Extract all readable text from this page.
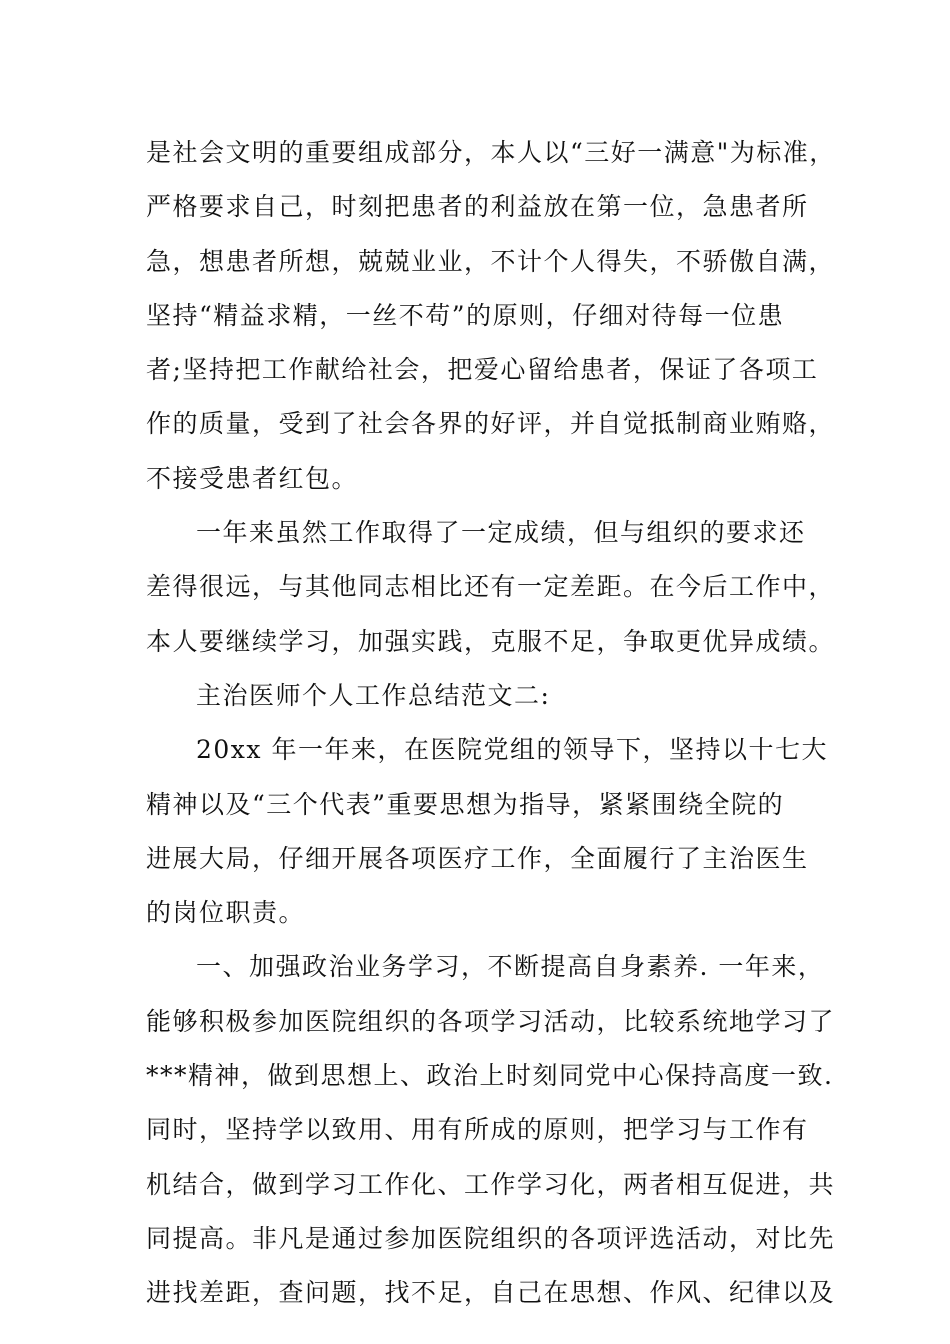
是社会文明的重要组成部分，本人以“三好一满意"为标准，
严格要求自己，时刻把患者的利益放在第一位，急患者所
急，想患者所想，兢兢业业，不计个人得失，不骄傲自满，
坚持“精益求精，一丝不苟”的原则，仔细对待每一位患
者;坚持把工作献给社会，把爱心留给患者，保证了各项工
作的质量，受到了社会各界的好评，并自觉抵制商业贿赂，
不接受患者红包。
一年来虽然工作取得了一定成绩，但与组织的要求还
差得很远，与其他同志相比还有一定差距。在今后工作中，
本人要继续学习，加强实践，克服不足，争取更优异成绩。
主治医师个人工作总结范文二:
20xx 年一年来，在医院党组的领导下，坚持以十七大
精神以及“三个代表”重要思想为指导，紧紧围绕全院的
进展大局，仔细开展各项医疗工作，全面履行了主治医生
的岗位职责。
一、加强政治业务学习，不断提高自身素养. 一年来，
能够积极参加医院组织的各项学习活动，比较系统地学习了
***精神，做到思想上、政治上时刻同党中心保持高度一致.
同时，坚持学以致用、用有所成的原则，把学习与工作有
机结合，做到学习工作化、工作学习化，两者相互促进，共
同提高。非凡是通过参加医院组织的各项评选活动，对比先
进找差距，查问题，找不足，自己在思想、作风、纪律以及
